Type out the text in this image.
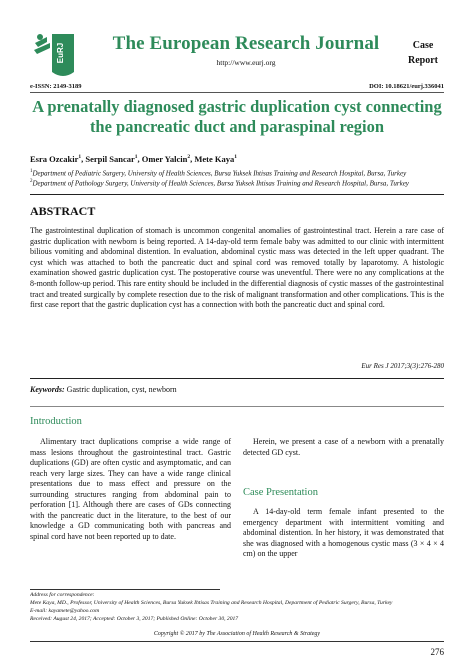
EuRJ	The European Research Journal
http://www.eurj.org
Case
Report
e-ISSN: 2149-3189	DOI: 10.18621/eurj.336041
A prenatally diagnosed gastric duplication cyst connecting
the pancreatic duct and paraspinal region
Esra Ozcakir$^1$, Serpil Sancar$^1$, Omer Yalcin$^2$, Mete Kaya$^1$
$^1$Department of Pediatric Surgery, University of Health Sciences, Bursa Yuksek Ihtisas Training and Research Hospital, Bursa, Turkey
$^2$Department of Pathology Surgery, University of Health Sciences, Bursa Yuksek Ihtisas Training and Research Hospital, Bursa, Turkey
ABSTRACT
The gastrointestinal duplication of stomach is uncommon congenital anomalies of gastrointestinal tract. Herein a rare case of gastric duplication with newborn is being reported. A 14-day-old term female baby was admitted to our clinic with intermittent bilious vomiting and abdominal distention. In evaluation, abdominal cystic mass was detected in the left upper quadrant. The cyst which was attached to both the pancreatic duct and spinal cord was removed totally by laparotomy. A histologic examination showed gastric duplication cyst. The postoperative course was uneventful. There were no any complications at the 8-month follow-up period. This rare entity should be included in the differential diagnosis of cystic masses of the gastrointestinal tract and treated surgically by complete resection due to the risk of malignant transformation and other complications. This is the first case report that the gastric duplication cyst has a connection with both the pancreatic duct and spinal cord.
Eur Res J 2017;3(3):276-280
Keywords: Gastric duplication, cyst, newborn
Introduction
Alimentary tract duplications comprise a wide range of mass lesions throughout the gastrointestinal tract. Gastric duplications (GD) are often cystic and asymptomatic, and can reach very large sizes. They can have a wide range clinical presentations due to mass effect and pressure on the surrounding structures ranging from abdominal pain to perforation [1]. Although there are cases of GDs connecting with the pancreatic duct in the literature, to the best of our knowledge a GD communicating both with pancreas and spinal cord have not been reported up to date.
Herein, we present a case of a newborn with a prenatally detected GD cyst.
Case Presentation
A 14-day-old term female infant presented to the emergency department with intermittent vomiting and abdominal distention. In her history, it was demonstrated that she was diagnosed with a homogenous cystic mass (3 × 4 × 4 cm) on the upper
Address for correspondence:
Mete Kaya, MD., Professor, University of Health Sciences, Bursa Yuksek Ihtisas Training and Research Hospital, Department of Pediatric Surgery, Bursa, Turkey
E-mail: kayamete@yahoo.com
Received: August 24, 2017; Accepted: October 3, 2017; Published Online: October 30, 2017
Copyright © 2017 by The Association of Health Research & Strategy
276
